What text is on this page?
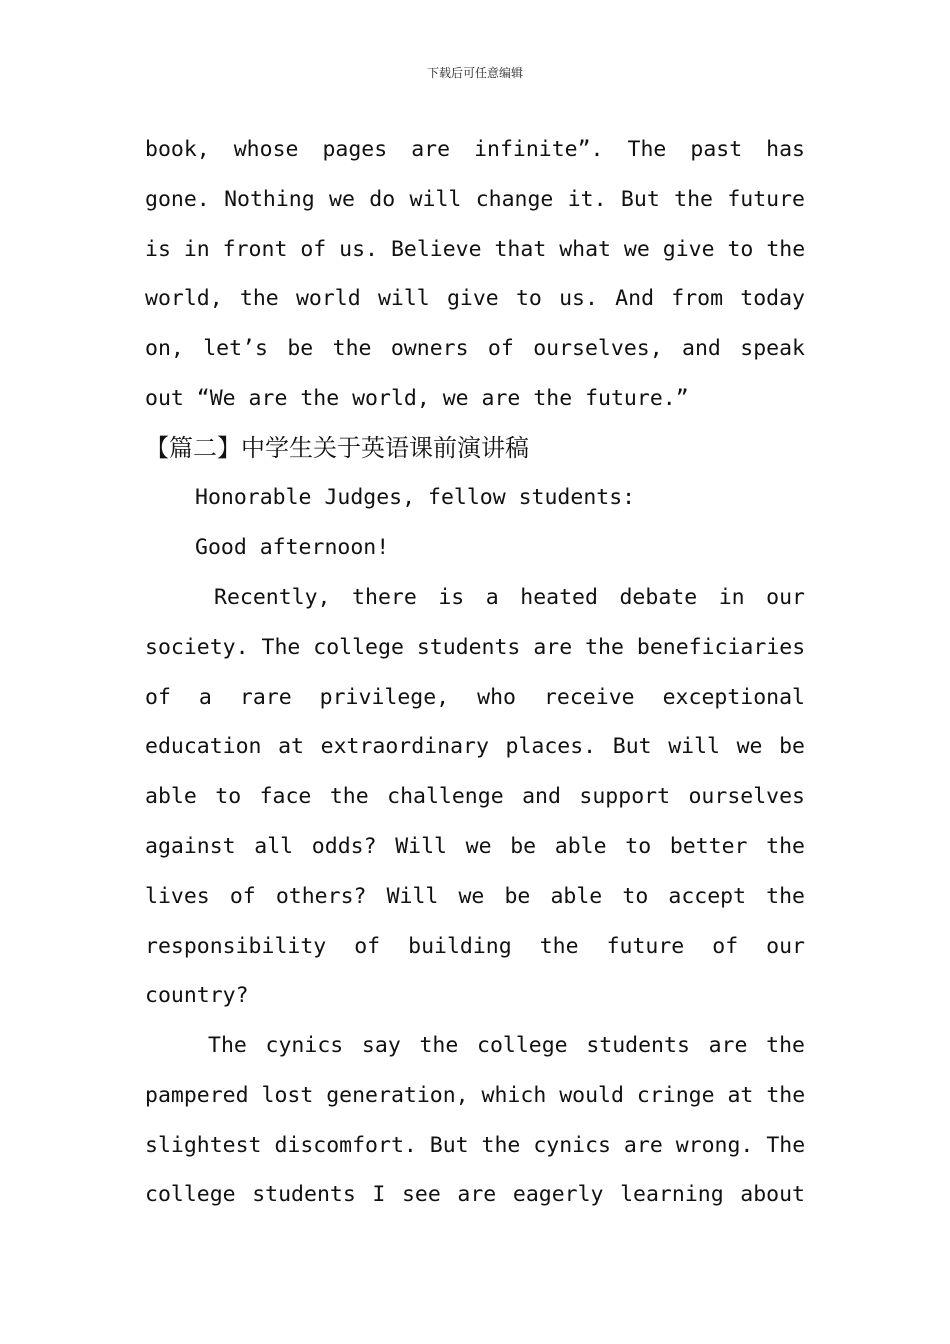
下载后可任意编辑
book, whose pages are infinite”. The past has
gone. Nothing we do will change it. But the future
is in front of us. Believe that what we give to the
world, the world will give to us. And from today
on, let’s be the owners of ourselves, and speak
out “We are the world, we are the future.”
【篇二】中学生关于英语课前演讲稿
Honorable Judges, fellow students:
Good afternoon!
Recently, there is a heated debate in our
society. The college students are the beneficiaries
of a rare privilege, who receive exceptional
education at extraordinary places. But will we be
able to face the challenge and support ourselves
against all odds? Will we be able to better the
lives of others? Will we be able to accept the
responsibility of building the future of our
country?
The cynics say the college students are the
pampered lost generation, which would cringe at the
slightest discomfort. But the cynics are wrong. The
college students I see are eagerly learning about
